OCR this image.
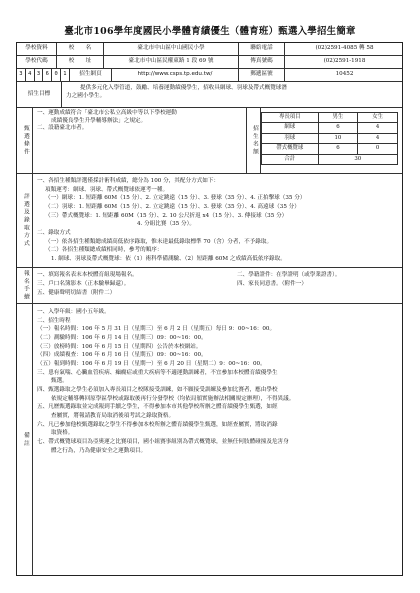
臺北市106學年度國民小學體育績優生（體育班）甄選入學招生簡章
學校資料	校　　名	臺北市中山區中山國民小學	聯絡電話	(02)2591-4085 轉 58
學校代碼	校　　址	臺北市中山區民權東路 1 段 69 號	傳真號碼	(02)2591-1918
3	4	3	6	0	1	招生網頁	http://www.csps.tp.edu.tw/	郵遞區號	10452
招生目標
提供多元化入學管道，鼓勵、培養運動績優學生，招收具網球、羽球及帶式概覽球潛
力之國小學生。
甄選條件
一、運動成績符合「臺北市公私立高級中等以下學校運動
成績優良學生升學輔導辦法」之規定。
二、設籍臺北市者。	招生名額
專長項目	男生	女生
網球	6	4
羽球	10	4
帶式概覽球	6	0
合計	30	
評選及錄取方式
一、各招生種類評選僅採計術科成績，總分為 100 分，其配分方式如下：
項類運考：網球、羽球、帶式概覽球依運考一種。
（一）網球：1. 短距離 60M（15 分）、2. 立定跳遠（15 分）、3. 發球（35 分）、4. 正拍擊球（35 分）
（二）羽球：1. 短距離 60M（15 分）、2. 立定跳遠（15 分）、3. 發球（35 分）、4. 高遠球（35 分）
（三）帶式概覽球：1. 短距離 60M（15 分）、2. 10 公尺折返 x4（15 分）、3. 傳接球（35 分）
4. 分組比賽（35 分）。
二、錄取方式
（一）依各招生種類總成績高低依序錄取，惟未達最低錄取標準 70（含）分者，不予錄取。
（二）各招生種類總成績相同時，參考的順序：
1. 網球、羽球及帶式概覽球：依（1）術科準備測驗、（2）短距離 60M 之成績高低依序錄取。
報名手續 一、填寫報名表末本校體育組現場報名。
三、戶口名簿影本（正本驗畢歸還）。
五、健康聲明切結書（附件二）
二、學籍證件：在學證明（或學業證書）。
四、家長同意書。（附件一）
備註
一、入學年級：國小五年級。
二、招生時程
（一）報名時間：106 年 5 月 31 日（星期三）至 6 月 2 日（星期五）每日 9：00~16：00。
（二）測驗時間：106 年 6 月 14 日（星期三）09：00~16：00。
（三）放榜時間：106 年 6 月 15 日（星期四）公告於本校網站。
（四）成績複查：106 年 6 月 16 日（星期五）09：00~16：00。
（五）報到時間：106 年 6 月 19 日（星期一）至 6 月 20 日（星期二）9：00~16：00。
三、患有氣喘、心臟血管疾病、癲癇症或重大疾病等不適運動訓練者，不宜參加本校體育績優學生
甄選。
四、甄選錄取之學生必須加入專長項目之校隊接受訓練，如不願接受訓練及參加比賽者，應由學校
依規定輔導轉回原學區學校或錄取後再行分發學校（均依局頒實施辦法相關規定辦理），不得異議。
五、凡歷甄選錄取並完成報到手續之學生，不得參加本市其他學校所辦之體育績優學生甄選，如經
查屬實，將報請教育局取消後項考試之錄取資格。
六、凡已參加他校甄選錄取之學生不得參加本校所辦之體育績優學生甄選，如經查屬實，將取消錄
取資格。
七、帶式概覽球項目為亞奧運之比賽項目，國小組賽事組別為帶式概覽球，並無任何肢體碰撞及危害身
體之行為，乃為健康安全之運動項目。
